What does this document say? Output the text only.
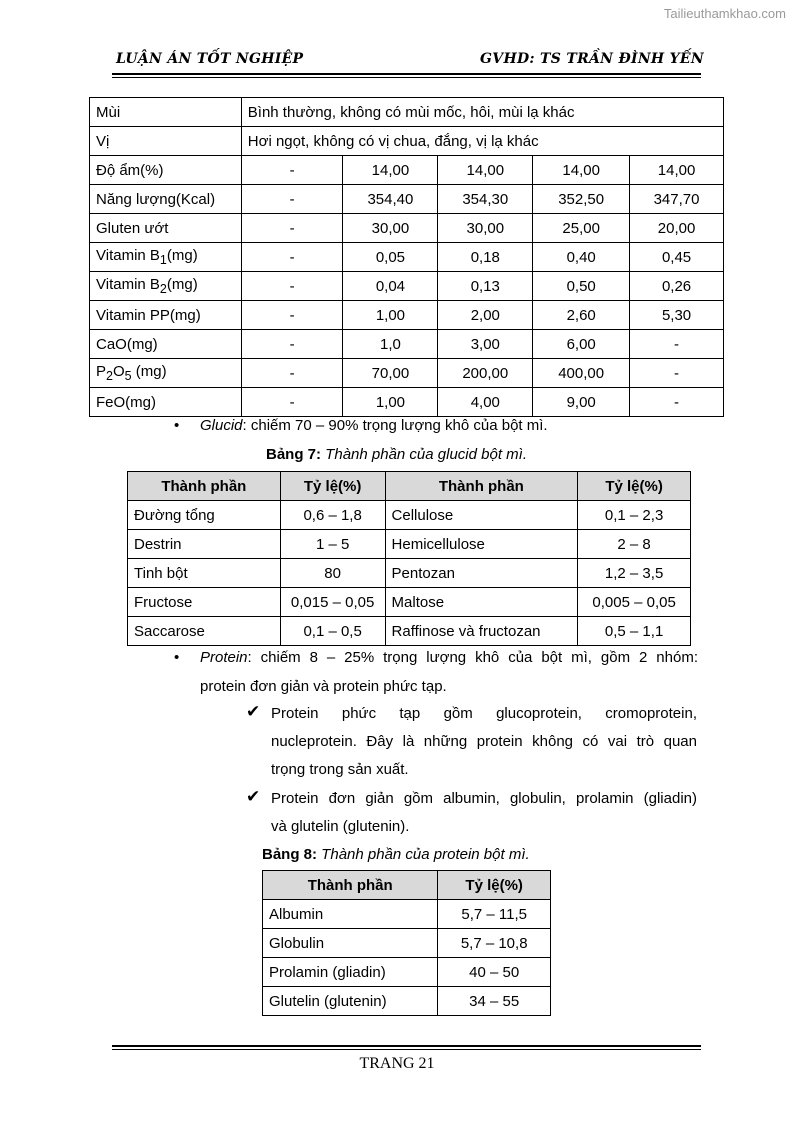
Tailieuthamkhao.com
LUẬN ÁN TỐT NGHIỆP	GVHD: TS TRẦN ĐÌNH YẾN
Mùi	Bình thường, không có mùi mốc, hôi, mùi lạ khác				
Vị	Hơi ngọt, không có vị chua, đắng, vị lạ khác				
Độ ẩm(%)	-	14,00	14,00	14,00	14,00
Năng lượng(Kcal)	-	354,40	354,30	352,50	347,70
Gluten ướt	-	30,00	30,00	25,00	20,00
Vitamin $B_1(mg)$	-	0,05	0,18	0,40	0,45
Vitamin $B_2(mg)$	-	0,04	0,13	0,50	0,26
Vitamin PP(mg)	-	1,00	2,00	2,60	5,30
CaO(mg)	-	1,0	3,00	6,00	-
$P_2O_5$ (mg)	-	70,00	200,00	400,00	-
FeO(mg)	-	1,00	4,00	9,00	-
• Glucid: chiếm 70 – 90% trọng lượng khô của bột mì.
Bảng 7: Thành phần của glucid bột mì.
Thành phần	Tỷ lệ(%)	Thành phần	Tỷ lệ(%)
Đường tổng	0,6 – 1,8	Cellulose	0,1 – 2,3
Destrin	1 – 5	Hemicellulose	2 – 8
Tinh bột	80	Pentozan	1,2 – 3,5
Fructose	0,015 – 0,05	Maltose	0,005 – 0,05
Saccarose	0,1 – 0,5	Raffinose và fructozan	0,5 – 1,1
• Protein: chiếm 8 – 25% trọng lượng khô của bột mì, gồm 2 nhóm:
protein đơn giản và protein phức tạp.
✔ Protein phức tạp gồm glucoprotein, cromoprotein,
nucleprotein. Đây là những protein không có vai trò quan
trọng trong sản xuất.
✔ Protein đơn giản gồm albumin, globulin, prolamin (gliadin)
và glutelin (glutenin).
Bảng 8: Thành phần của protein bột mì.
Thành phần	Tỷ lệ(%)
Albumin	5,7 – 11,5
Globulin	5,7 – 10,8
Prolamin (gliadin)	40 – 50
Glutelin (glutenin)	34 – 55
TRANG 21
